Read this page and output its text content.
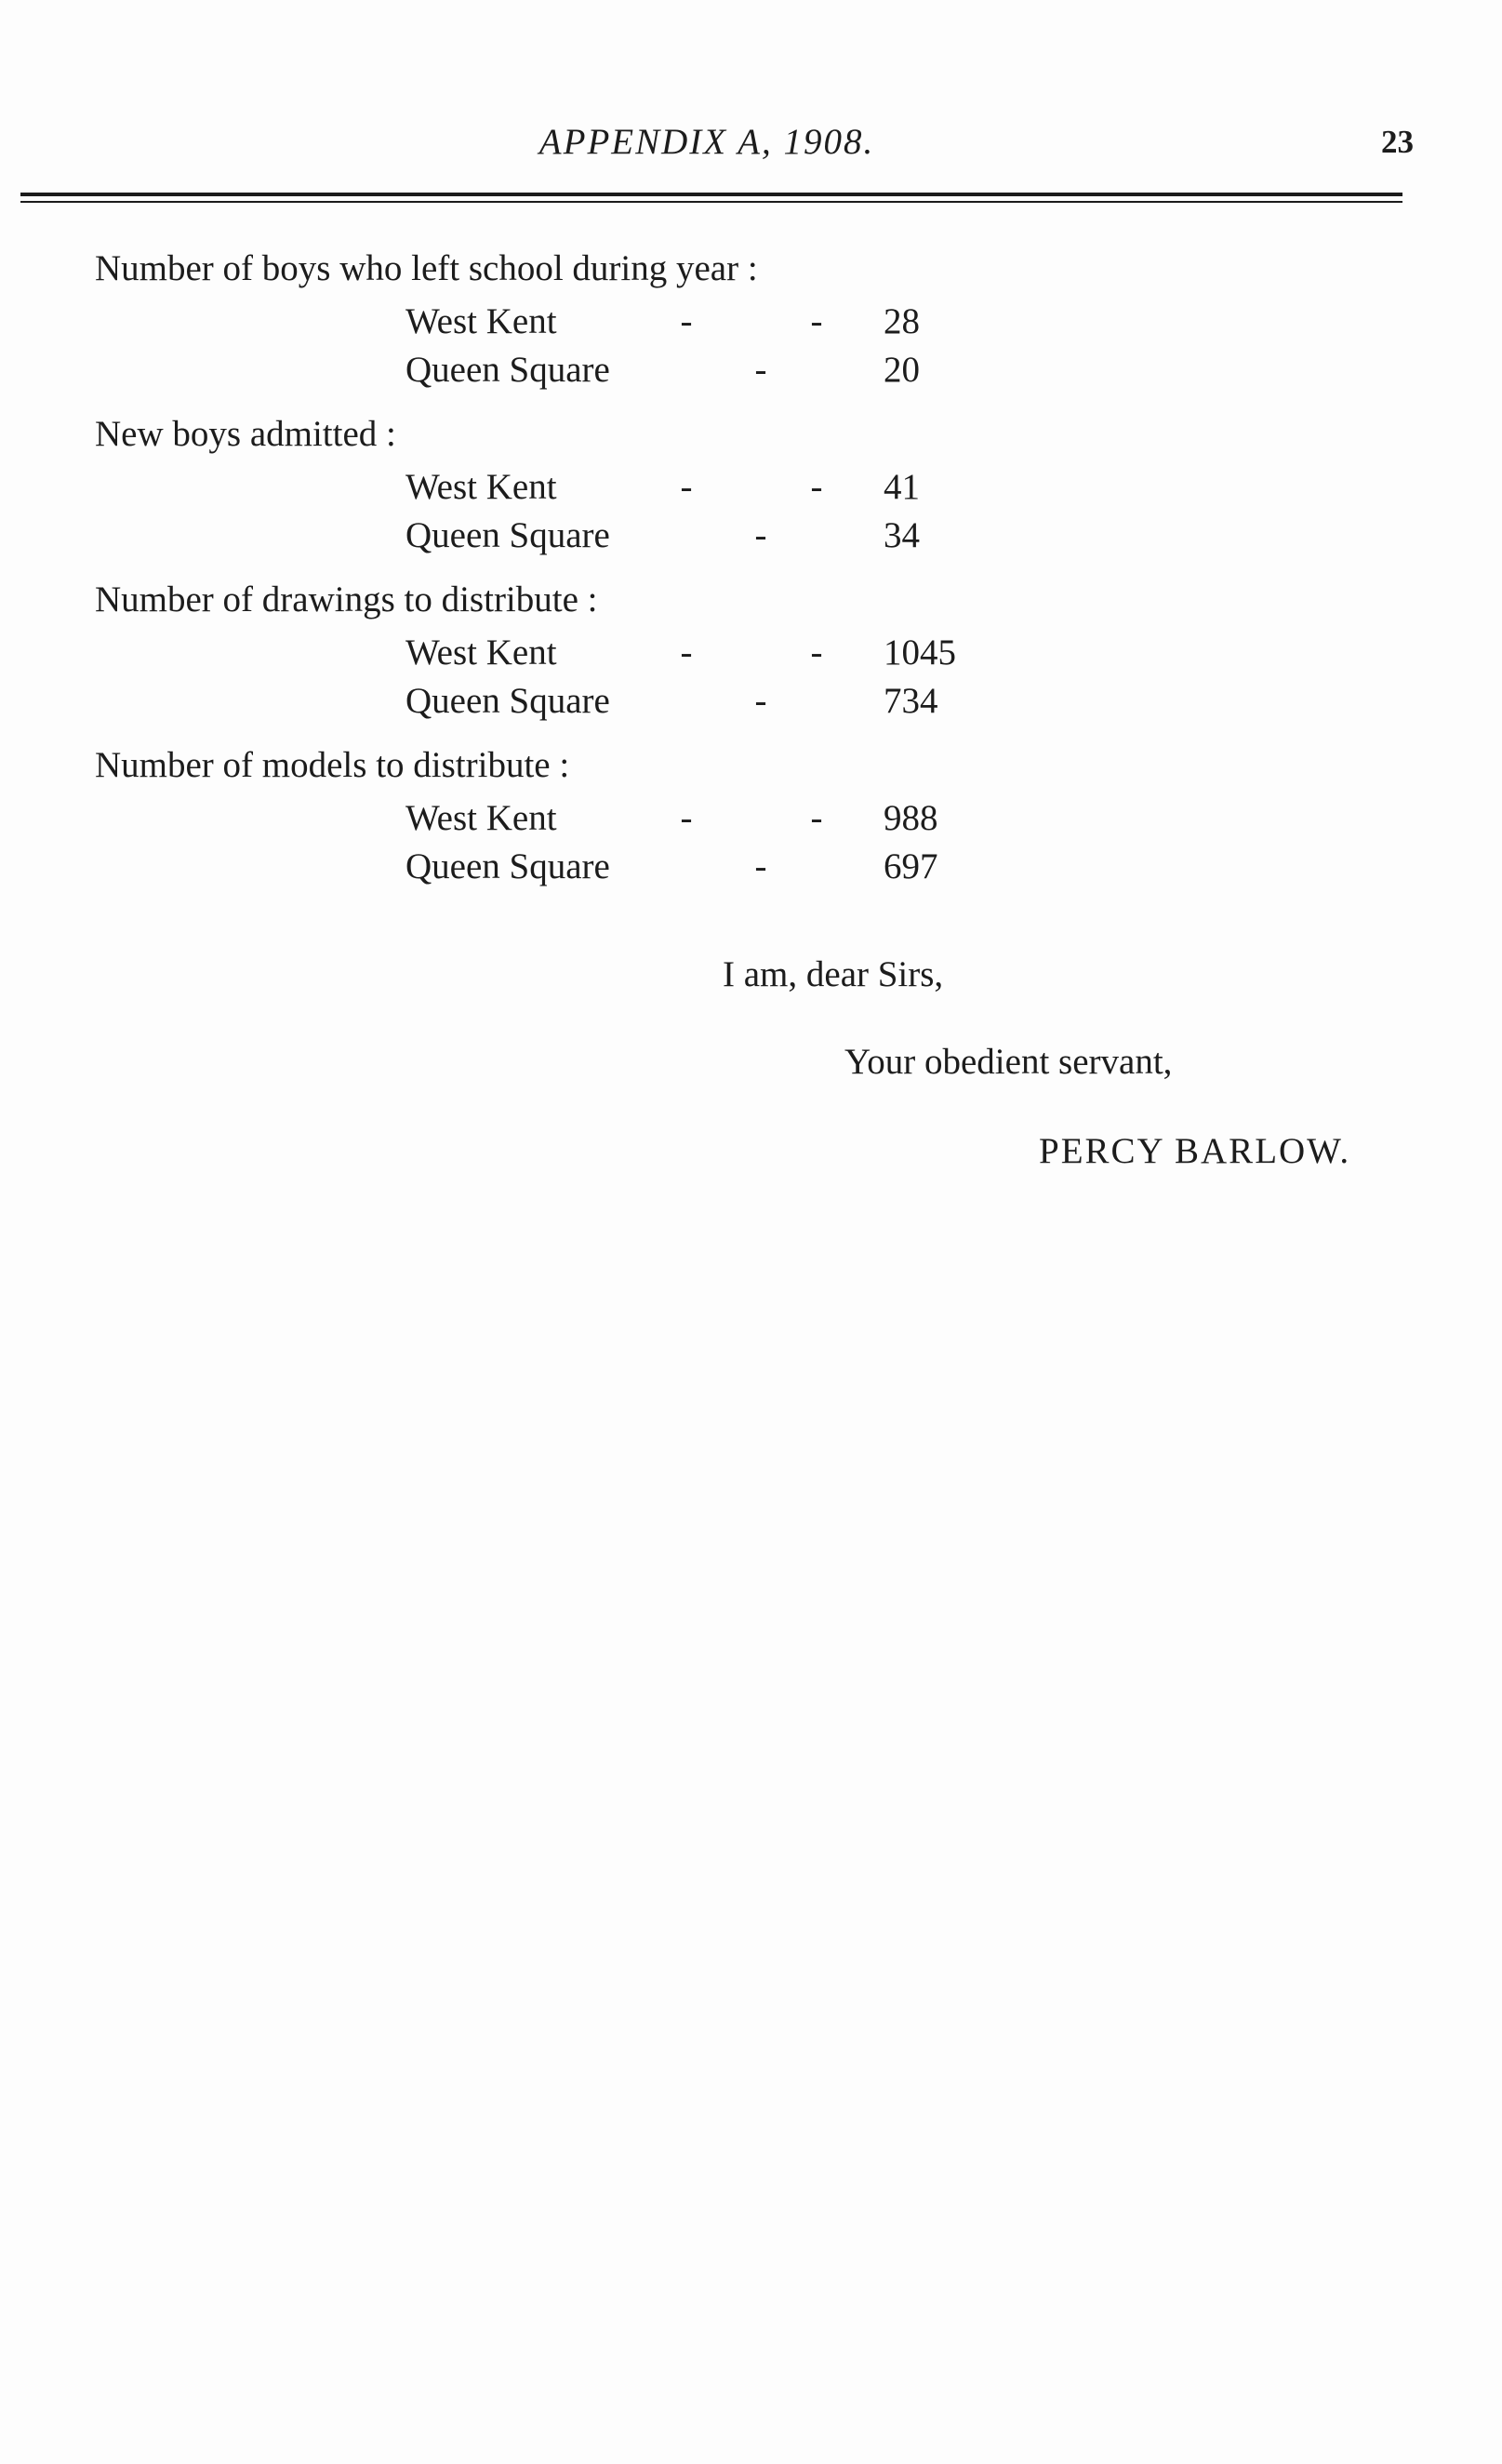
APPENDIX A, 1908.	23
Number of boys who left school during year :
West Kent	-	- 28
Queen Square	-	20
New boys admitted :
West Kent	-	- 41
Queen Square	-	34
Number of drawings to distribute :
West Kent	-	- 1045
Queen Square	-	734
Number of models to distribute :
West Kent	-	- 988
Queen Square	-	697
I am, dear Sirs,
Your obedient servant,
PERCY BARLOW.
